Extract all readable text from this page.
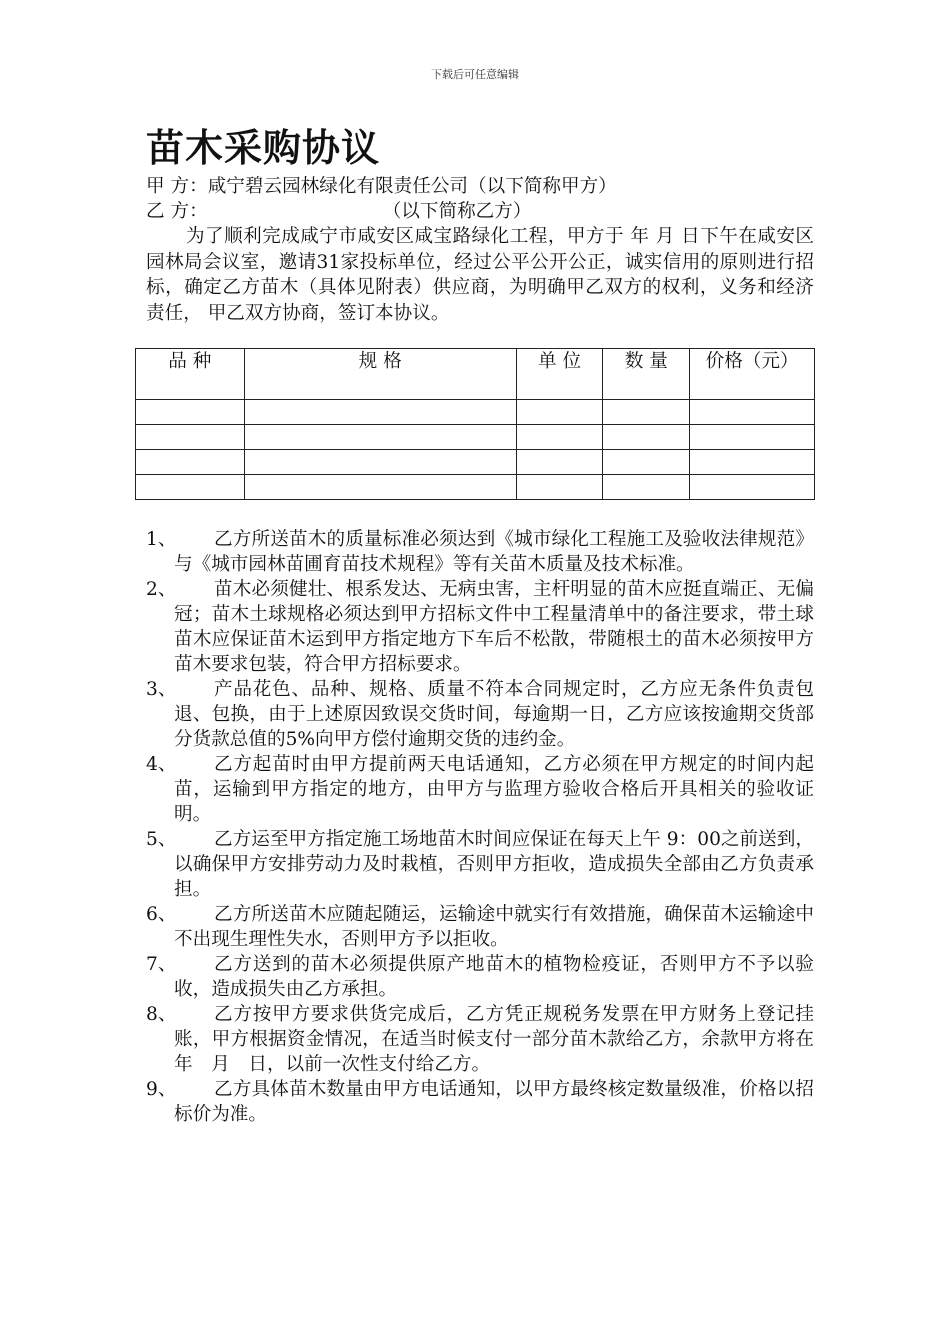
下载后可任意编辑
苗木采购协议
甲 方：咸宁碧云园林绿化有限责任公司（以下简称甲方）
乙 方：	（以下简称乙方）
为了顺利完成咸宁市咸安区咸宝路绿化工程，甲方于 年 月 日下午在咸安区园林局会议室，邀请31家投标单位，经过公平公开公正，诚实信用的原则进行招标，确定乙方苗木（具体见附表）供应商，为明确甲乙双方的权利，义务和经济责任， 甲乙双方协商，签订本协议。
品 种	规 格	单 位	数 量	价格（元）

1、	乙方所送苗木的质量标准必须达到《城市绿化工程施工及验收法律规范》与《城市园林苗圃育苗技术规程》等有关苗木质量及技术标准。
2、	苗木必须健壮、根系发达、无病虫害，主杆明显的苗木应挺直端正、无偏冠；苗木土球规格必须达到甲方招标文件中工程量清单中的备注要求，带土球苗木应保证苗木运到甲方指定地方下车后不松散，带随根土的苗木必须按甲方苗木要求包装，符合甲方招标要求。
3、	产品花色、品种、规格、质量不符本合同规定时，乙方应无条件负责包退、包换，由于上述原因致误交货时间，每逾期一日，乙方应该按逾期交货部分货款总值的5%向甲方偿付逾期交货的违约金。
4、	乙方起苗时由甲方提前两天电话通知，乙方必须在甲方规定的时间内起苗，运输到甲方指定的地方，由甲方与监理方验收合格后开具相关的验收证明。
5、	乙方运至甲方指定施工场地苗木时间应保证在每天上午 9：00之前送到，以确保甲方安排劳动力及时栽植，否则甲方拒收，造成损失全部由乙方负责承担。
6、	乙方所送苗木应随起随运，运输途中就实行有效措施，确保苗木运输途中不出现生理性失水，否则甲方予以拒收。
7、	乙方送到的苗木必须提供原产地苗木的植物检疫证，否则甲方不予以验收，造成损失由乙方承担。
8、	乙方按甲方要求供货完成后，乙方凭正规税务发票在甲方财务上登记挂账，甲方根据资金情况，在适当时候支付一部分苗木款给乙方，余款甲方将在　年　月　日，以前一次性支付给乙方。
9、	乙方具体苗木数量由甲方电话通知，以甲方最终核定数量级准，价格以招标价为准。
